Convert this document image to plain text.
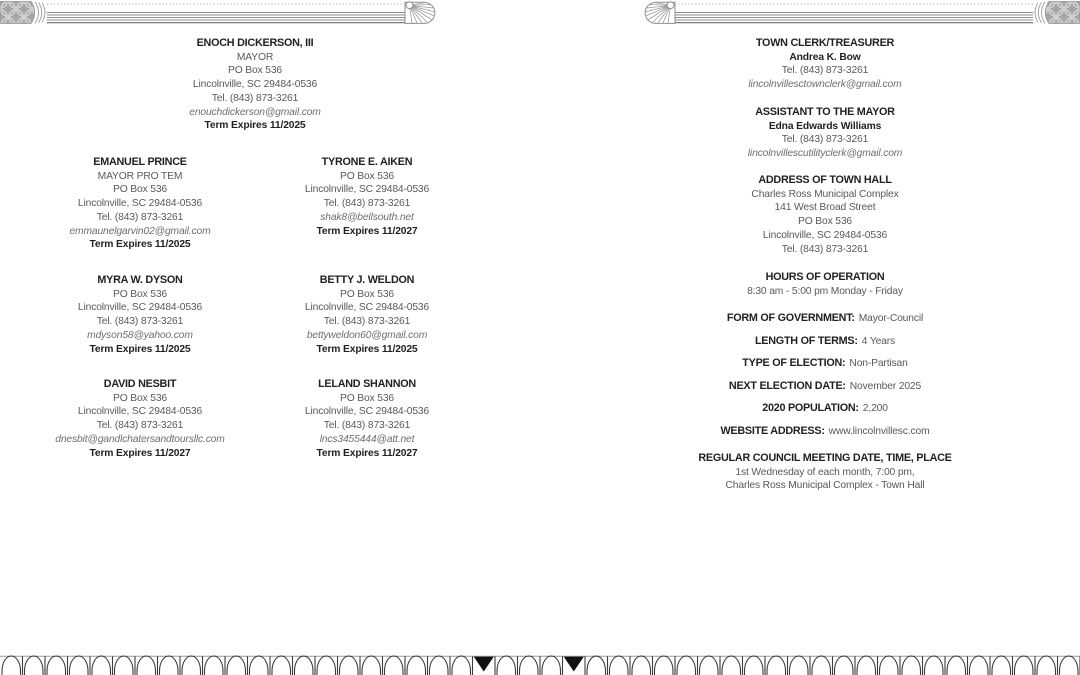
ENOCH DICKERSON, III
MAYOR
PO Box 536
Lincolnville, SC 29484-0536
Tel. (843) 873-3261
enouchdickerson@gmail.com
Term Expires 11/2025
EMANUEL PRINCE
MAYOR PRO TEM
PO Box 536
Lincolnville, SC 29484-0536
Tel. (843) 873-3261
emmaunelgarvin02@gmail.com
Term Expires 11/2025
TYRONE E. AIKEN
PO Box 536
Lincolnville, SC 29484-0536
Tel. (843) 873-3261
shak8@bellsouth.net
Term Expires 11/2027
MYRA W. DYSON
PO Box 536
Lincolnville, SC 29484-0536
Tel. (843) 873-3261
mdyson58@yahoo.com
Term Expires 11/2025
BETTY J. WELDON
PO Box 536
Lincolnville, SC 29484-0536
Tel. (843) 873-3261
bettyweldon60@gmail.com
Term Expires 11/2025
DAVID NESBIT
PO Box 536
Lincolnville, SC 29484-0536
Tel. (843) 873-3261
dnesbit@gandlchatersandtoursllc.com
Term Expires 11/2027
LELAND SHANNON
PO Box 536
Lincolnville, SC 29484-0536
Tel. (843) 873-3261
lncs3455444@att.net
Term Expires 11/2027
TOWN CLERK/TREASURER
Andrea K. Bow
Tel. (843) 873-3261
lincolnvillesctownclerk@gmail.com
ASSISTANT TO THE MAYOR
Edna Edwards Williams
Tel. (843) 873-3261
lincolnvillescutilityclerk@gmail.com
ADDRESS OF TOWN HALL
Charles Ross Municipal Complex
141 West Broad Street
PO Box 536
Lincolnville, SC 29484-0536
Tel. (843) 873-3261
HOURS OF OPERATION
8:30 am - 5:00 pm Monday - Friday
FORM OF GOVERNMENT: Mayor-Council
LENGTH OF TERMS: 4 Years
TYPE OF ELECTION: Non-Partisan
NEXT ELECTION DATE: November 2025
2020 POPULATION: 2,200
WEBSITE ADDRESS: www.lincolnvillesc.com
REGULAR COUNCIL MEETING DATE, TIME, PLACE
1st Wednesday of each month, 7:00 pm,
Charles Ross Municipal Complex - Town Hall
